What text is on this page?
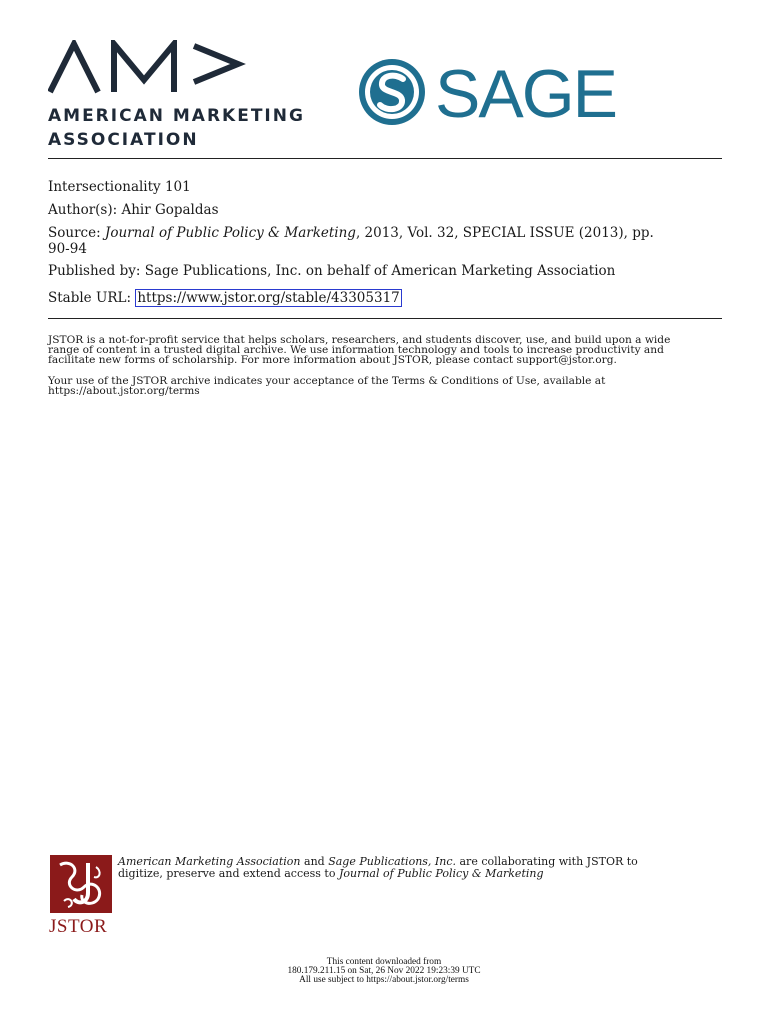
AM>
AMERICAN MARKETING
ASSOCIATION
SAGE
Intersectionality 101
Author(s): Ahir Gopaldas
Source: Journal of Public Policy & Marketing, 2013, Vol. 32, SPECIAL ISSUE (2013), pp.
90-94
Published by: Sage Publications, Inc. on behalf of American Marketing Association
Stable URL: https://www.jstor.org/stable/43305317
JSTOR is a not-for-profit service that helps scholars, researchers, and students discover, use, and build upon a wide
range of content in a trusted digital archive. We use information technology and tools to increase productivity and
facilitate new forms of scholarship. For more information about JSTOR, please contact support@jstor.org.
Your use of the JSTOR archive indicates your acceptance of the Terms & Conditions of Use, available at
https://about.jstor.org/terms
JSTOR
American Marketing Association and Sage Publications, Inc. are collaborating with JSTOR to
digitize, preserve and extend access to Journal of Public Policy & Marketing
This content downloaded from
180.179.211.15 on Sat, 26 Nov 2022 19:23:39 UTC
All use subject to https://about.jstor.org/terms
